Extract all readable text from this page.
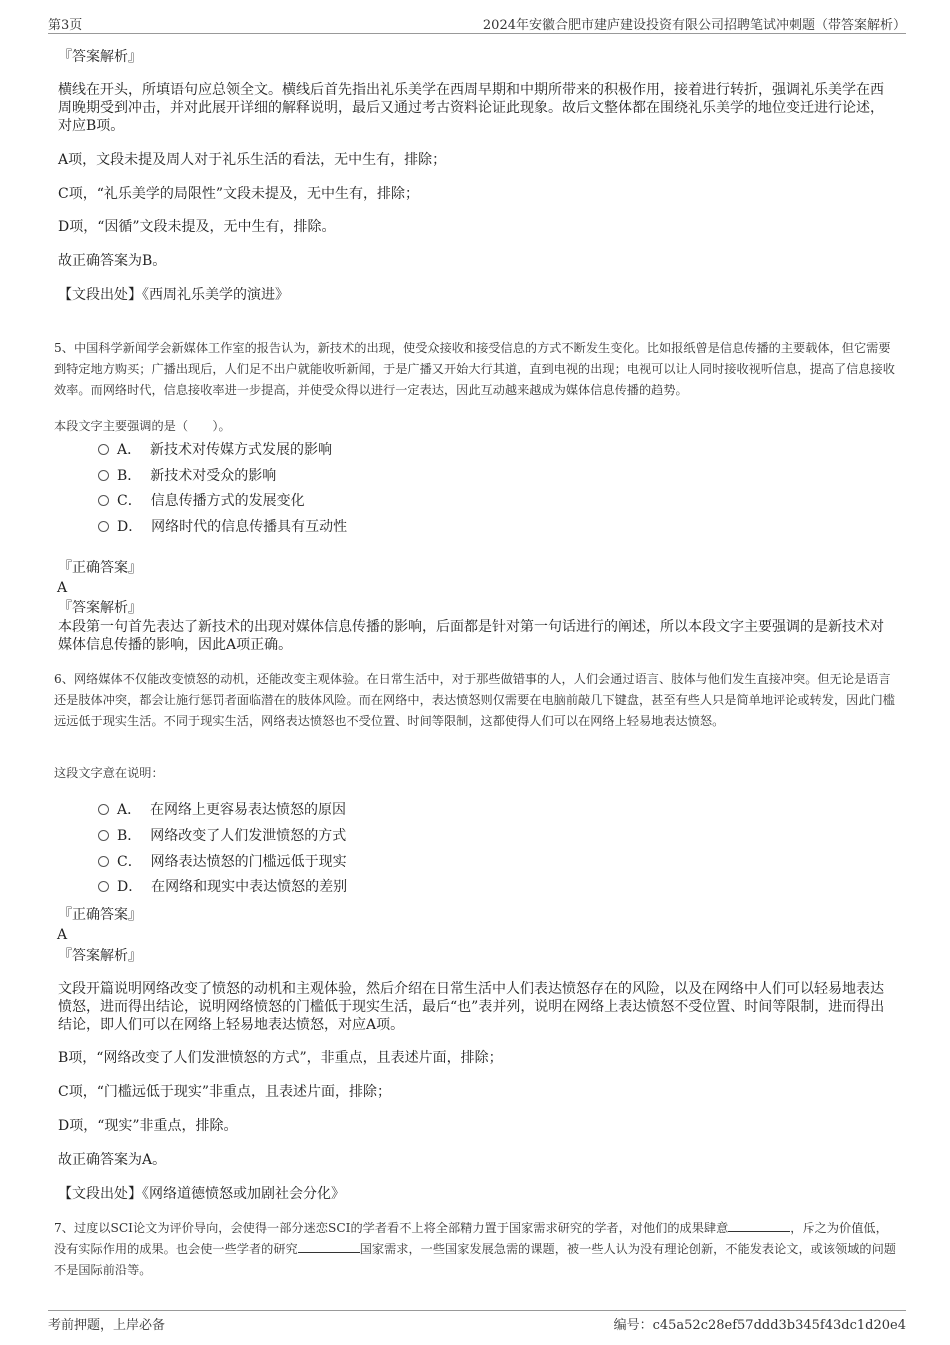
第3页	2024年安徽合肥市建庐建设投资有限公司招聘笔试冲刺题（带答案解析）
『答案解析』
横线在开头，所填语句应总领全文。横线后首先指出礼乐美学在西周早期和中期所带来的积极作用，接着进行转折，强调礼乐美学在西周晚期受到冲击，并对此展开详细的解释说明，最后又通过考古资料论证此现象。故后文整体都在围绕礼乐美学的地位变迁进行论述，对应B项。
A项，文段未提及周人对于礼乐生活的看法，无中生有，排除；
C项，“礼乐美学的局限性”文段未提及，无中生有，排除；
D项，“因循”文段未提及，无中生有，排除。
故正确答案为B。
【文段出处】《西周礼乐美学的演进》
5、中国科学新闻学会新媒体工作室的报告认为，新技术的出现，使受众接收和接受信息的方式不断发生变化。比如报纸曾是信息传播的主要载体，但它需要到特定地方购买；广播出现后，人们足不出户就能收听新闻，于是广播又开始大行其道，直到电视的出现；电视可以让人同时接收视听信息，提高了信息接收效率。而网络时代，信息接收率进一步提高，并使受众得以进行一定表达，因此互动越来越成为媒体信息传播的趋势。
本段文字主要强调的是（　　）。
A． 新技术对传媒方式发展的影响
B． 新技术对受众的影响
C． 信息传播方式的发展变化
D． 网络时代的信息传播具有互动性
『正确答案』
A
『答案解析』
本段第一句首先表达了新技术的出现对媒体信息传播的影响，后面都是针对第一句话进行的阐述，所以本段文字主要强调的是新技术对媒体信息传播的影响，因此A项正确。
6、网络媒体不仅能改变愤怒的动机，还能改变主观体验。在日常生活中，对于那些做错事的人，人们会通过语言、肢体与他们发生直接冲突。但无论是语言还是肢体冲突，都会让施行惩罚者面临潜在的肢体风险。而在网络中，表达愤怒则仅需要在电脑前敲几下键盘，甚至有些人只是简单地评论或转发，因此门槛远远低于现实生活。不同于现实生活，网络表达愤怒也不受位置、时间等限制，这都使得人们可以在网络上轻易地表达愤怒。
这段文字意在说明：
A． 在网络上更容易表达愤怒的原因
B． 网络改变了人们发泄愤怒的方式
C． 网络表达愤怒的门槛远低于现实
D． 在网络和现实中表达愤怒的差别
『正确答案』
A
『答案解析』
文段开篇说明网络改变了愤怒的动机和主观体验，然后介绍在日常生活中人们表达愤怒存在的风险，以及在网络中人们可以轻易地表达愤怒，进而得出结论，说明网络愤怒的门槛低于现实生活，最后“也”表并列，说明在网络上表达愤怒不受位置、时间等限制，进而得出结论，即人们可以在网络上轻易地表达愤怒，对应A项。
B项，“网络改变了人们发泄愤怒的方式”，非重点，且表述片面，排除；
C项，“门槛远低于现实”非重点，且表述片面，排除；
D项，“现实”非重点，排除。
故正确答案为A。
【文段出处】《网络道德愤怒或加剧社会分化》
7、过度以SCI论文为评价导向，会使得一部分迷恋SCI的学者看不上将全部精力置于国家需求研究的学者，对他们的成果肆意	，斥之为价值低，没有实际作用的成果。也会使一些学者的研究	国家需求，一些国家发展急需的课题，被一些人认为没有理论创新，不能发表论文，或该领域的问题不是国际前沿等。
考前押题，上岸必备	编号：c45a52c28ef57ddd3b345f43dc1d20e4
